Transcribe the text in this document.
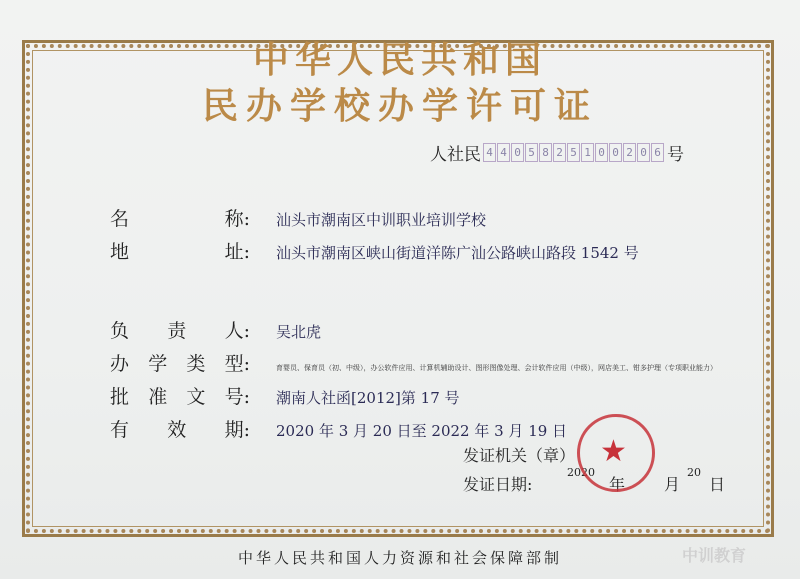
中华人民共和国
民办学校办学许可证
人社民 4 4 0 5 8 2 5 1 0 0 2 0 6 号
名	称: 汕头市潮南区中训职业培训学校
地	址: 汕头市潮南区峡山街道洋陈广汕公路峡山路段 1542 号
负 责 人: 吴北虎
办 学 类 型:	育婴员、保育员（初、中级），办公软件应用、计算机辅助设计、图形图像处理、会计软件应用（中级），网店美工、钳多护理（专项职业能力）
批 准 文 号: 潮南人社函[2012]第 17 号
有 效 期: 2020 年 3 月 20 日至 2022 年 3 月 19 日
发证机关（章）
发证日期:
2020
年 月
20
日
★
中华人民共和国人力资源和社会保障部制	中训教育
